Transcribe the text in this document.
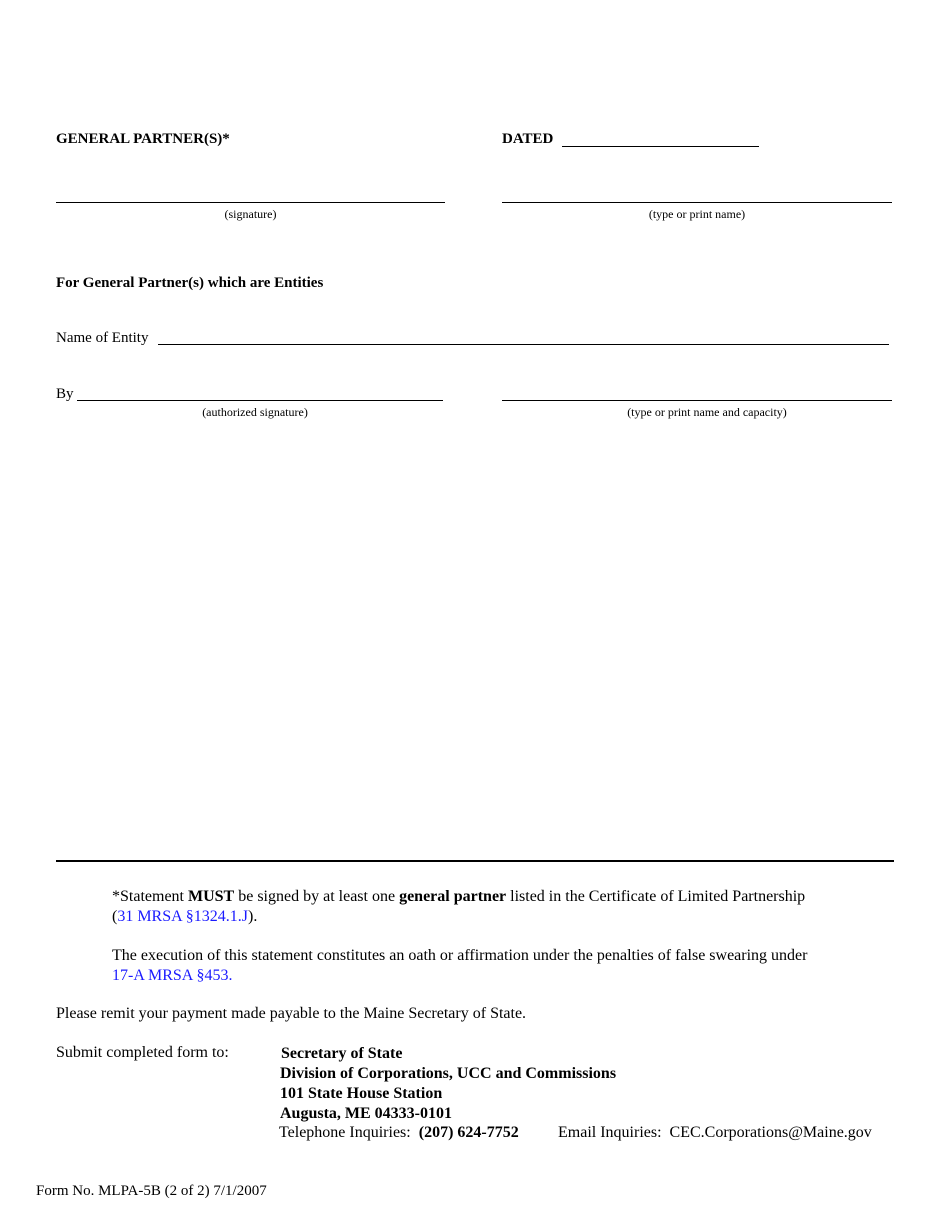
GENERAL PARTNER(S)*	DATED
(signature)	(type or print name)
For General Partner(s) which are Entities
Name of Entity
By
(authorized signature)	(type or print name and capacity)
*Statement MUST be signed by at least one general partner listed in the Certificate of Limited Partnership
(31 MRSA §1324.1.J).
The execution of this statement constitutes an oath or affirmation under the penalties of false swearing under
17-A MRSA §453.
Please remit your payment made payable to the Maine Secretary of State.
Submit completed form to:	Secretary of State
Division of Corporations, UCC and Commissions
101 State House Station
Augusta, ME 04333-0101
Telephone Inquiries: (207) 624-7752 Email Inquiries: CEC.Corporations@Maine.gov
Form No. MLPA-5B (2 of 2) 7/1/2007
